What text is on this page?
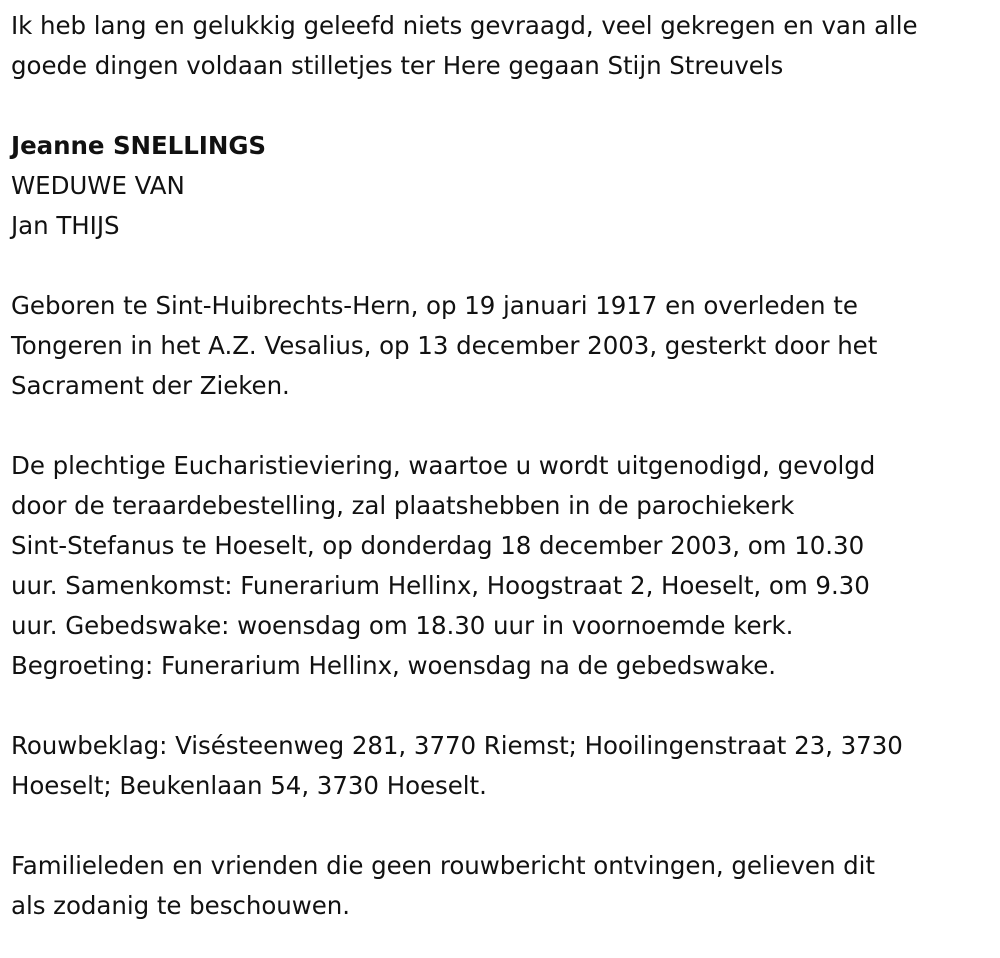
Ik heb lang en gelukkig geleefd niets gevraagd, veel gekregen en van alle

goede dingen voldaan stilletjes ter Here gegaan Stijn Streuvels

Jeanne SNELLINGS

WEDUWE VAN

Jan THIJS

Geboren te Sint-Huibrechts-Hern, op 19 januari 1917 en overleden te

Tongeren in het A.Z. Vesalius, op 13 december 2003, gesterkt door het

Sacrament der Zieken.

De plechtige Eucharistieviering, waartoe u wordt uitgenodigd, gevolgd

door de teraardebestelling, zal plaatshebben in de parochiekerk

Sint-Stefanus te Hoeselt, op donderdag 18 december 2003, om 10.30

uur. Samenkomst: Funerarium Hellinx, Hoogstraat 2, Hoeselt, om 9.30

uur. Gebedswake: woensdag om 18.30 uur in voornoemde kerk.

Begroeting: Funerarium Hellinx, woensdag na de gebedswake.

Rouwbeklag: Visésteenweg 281, 3770 Riemst; Hooilingenstraat 23, 3730

Hoeselt; Beukenlaan 54, 3730 Hoeselt.

Familieleden en vrienden die geen rouwbericht ontvingen, gelieven dit

als zodanig te beschouwen.
